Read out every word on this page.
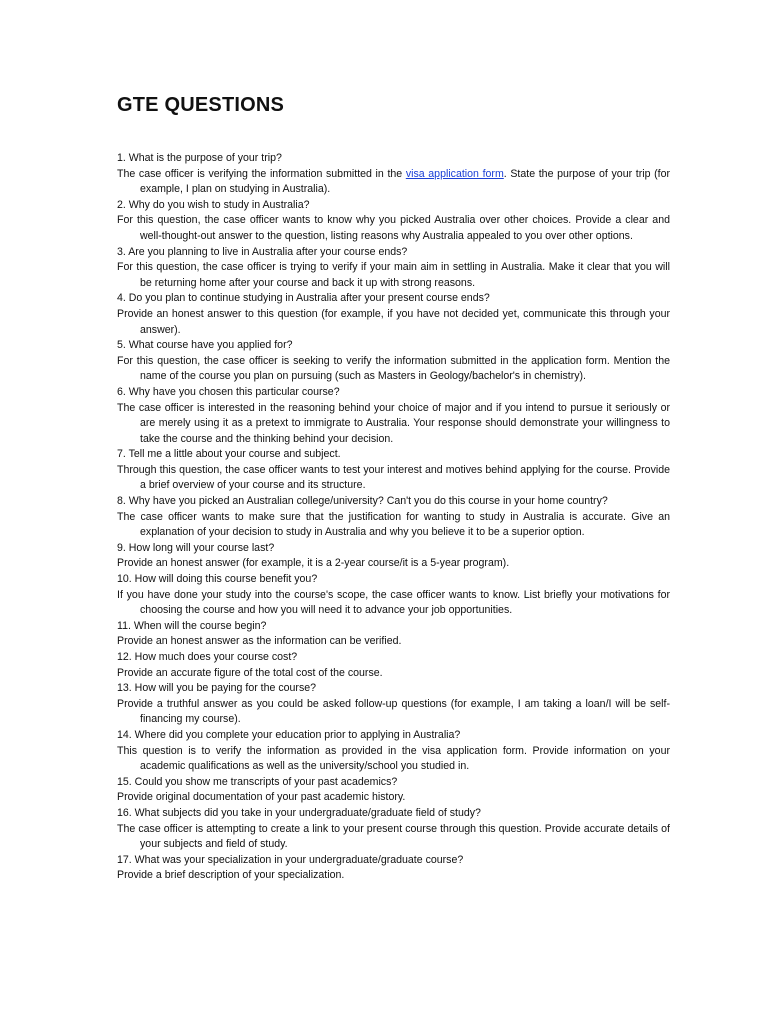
GTE QUESTIONS

1. What is the purpose of your trip?

The case officer is verifying the information submitted in the visa application form. State the purpose of your trip (for example, I plan on studying in Australia).

2. Why do you wish to study in Australia?

For this question, the case officer wants to know why you picked Australia over other choices. Provide a clear and well-thought-out answer to the question, listing reasons why Australia appealed to you over other options.

3. Are you planning to live in Australia after your course ends?

For this question, the case officer is trying to verify if your main aim in settling in Australia. Make it clear that you will be returning home after your course and back it up with strong reasons.

4. Do you plan to continue studying in Australia after your present course ends?

Provide an honest answer to this question (for example, if you have not decided yet, communicate this through your answer).

5. What course have you applied for?

For this question, the case officer is seeking to verify the information submitted in the application form. Mention the name of the course you plan on pursuing (such as Masters in Geology/bachelor's in chemistry).

6. Why have you chosen this particular course?

The case officer is interested in the reasoning behind your choice of major and if you intend to pursue it seriously or are merely using it as a pretext to immigrate to Australia. Your response should demonstrate your willingness to take the course and the thinking behind your decision.

7. Tell me a little about your course and subject.

Through this question, the case officer wants to test your interest and motives behind applying for the course. Provide a brief overview of your course and its structure.

8. Why have you picked an Australian college/university? Can't you do this course in your home country?

The case officer wants to make sure that the justification for wanting to study in Australia is accurate. Give an explanation of your decision to study in Australia and why you believe it to be a superior option.

9. How long will your course last?

Provide an honest answer (for example, it is a 2-year course/it is a 5-year program).

10. How will doing this course benefit you?

If you have done your study into the course's scope, the case officer wants to know. List briefly your motivations for choosing the course and how you will need it to advance your job opportunities.

11. When will the course begin?

Provide an honest answer as the information can be verified.

12. How much does your course cost?

Provide an accurate figure of the total cost of the course.

13. How will you be paying for the course?

Provide a truthful answer as you could be asked follow-up questions (for example, I am taking a loan/I will be self-financing my course).

14. Where did you complete your education prior to applying in Australia?

This question is to verify the information as provided in the visa application form. Provide information on your academic qualifications as well as the university/school you studied in.

15. Could you show me transcripts of your past academics?

Provide original documentation of your past academic history.

16. What subjects did you take in your undergraduate/graduate field of study?

The case officer is attempting to create a link to your present course through this question. Provide accurate details of your subjects and field of study.

17. What was your specialization in your undergraduate/graduate course?

Provide a brief description of your specialization.
